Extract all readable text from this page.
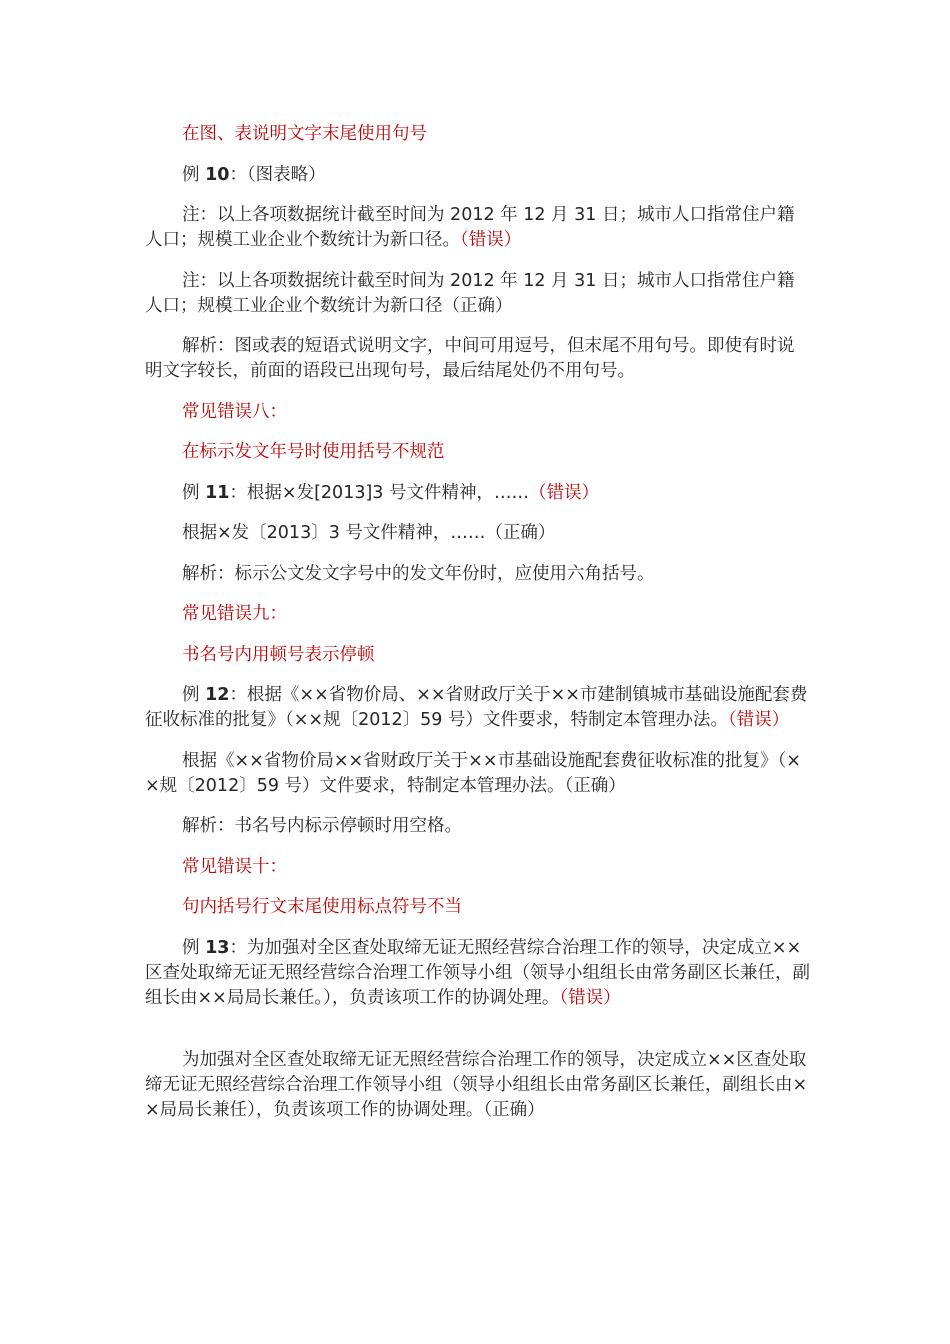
在图、表说明文字末尾使用句号

例 10：（图表略）

注：以上各项数据统计截至时间为 2012 年 12 月 31 日；城市人口指常住户籍人口；规模工业企业个数统计为新口径。（错误）

注：以上各项数据统计截至时间为 2012 年 12 月 31 日；城市人口指常住户籍人口；规模工业企业个数统计为新口径（正确）

解析：图或表的短语式说明文字，中间可用逗号，但末尾不用句号。即使有时说明文字较长，前面的语段已出现句号，最后结尾处仍不用句号。

常见错误八：

在标示发文年号时使用括号不规范

例 11：根据×发[2013]3 号文件精神，……（错误）

根据×发〔2013〕3 号文件精神，……（正确）

解析：标示公文发文字号中的发文年份时，应使用六角括号。

常见错误九：

书名号内用顿号表示停顿

例 12：根据《××省物价局、××省财政厅关于××市建制镇城市基础设施配套费征收标准的批复》（××规〔2012〕59 号）文件要求，特制定本管理办法。（错误）

根据《××省物价局××省财政厅关于××市基础设施配套费征收标准的批复》（××规〔2012〕59 号）文件要求，特制定本管理办法。（正确）

解析：书名号内标示停顿时用空格。

常见错误十：

句内括号行文末尾使用标点符号不当

例 13：为加强对全区查处取缔无证无照经营综合治理工作的领导，决定成立××区查处取缔无证无照经营综合治理工作领导小组（领导小组组长由常务副区长兼任，副组长由××局局长兼任。），负责该项工作的协调处理。（错误）

为加强对全区查处取缔无证无照经营综合治理工作的领导，决定成立××区查处取缔无证无照经营综合治理工作领导小组（领导小组组长由常务副区长兼任，副组长由××局局长兼任），负责该项工作的协调处理。（正确）
